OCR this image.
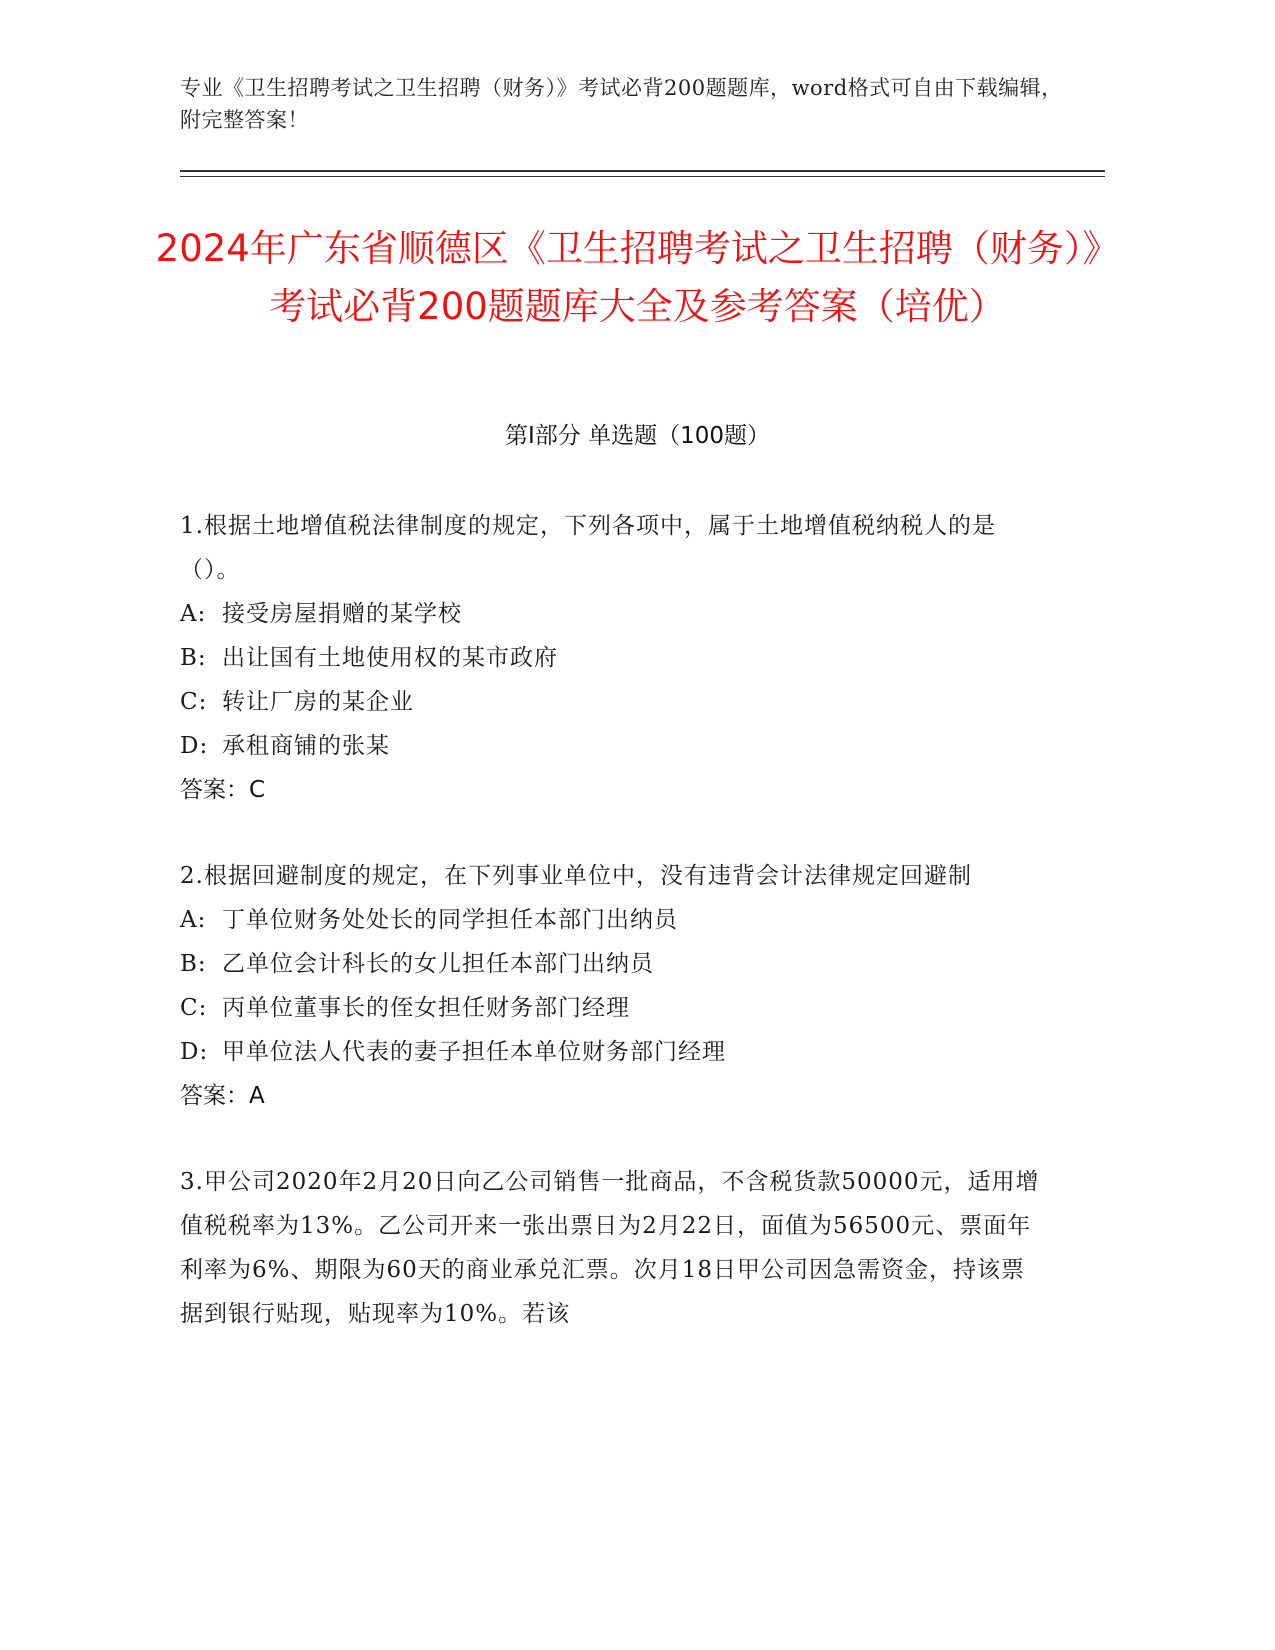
专业《卫生招聘考试之卫生招聘（财务）》考试必背200题题库，word格式可自由下载编辑，附完整答案！
2024年广东省顺德区《卫生招聘考试之卫生招聘（财务）》考试必背200题题库大全及参考答案（培优）
第I部分 单选题（100题）
1.根据土地增值税法律制度的规定，下列各项中，属于土地增值税纳税人的是（）。
A: 接受房屋捐赠的某学校
B: 出让国有土地使用权的某市政府
C: 转让厂房的某企业
D: 承租商铺的张某
答案：C
2.根据回避制度的规定，在下列事业单位中，没有违背会计法律规定回避制
A: 丁单位财务处处长的同学担任本部门出纳员
B: 乙单位会计科长的女儿担任本部门出纳员
C: 丙单位董事长的侄女担任财务部门经理
D: 甲单位法人代表的妻子担任本单位财务部门经理
答案：A
3.甲公司2020年2月20日向乙公司销售一批商品，不含税货款50000元，适用增值税税率为13%。乙公司开来一张出票日为2月22日，面值为56500元、票面年利率为6%、期限为60天的商业承兑汇票。次月18日甲公司因急需资金，持该票据到银行贴现，贴现率为10%。若该
